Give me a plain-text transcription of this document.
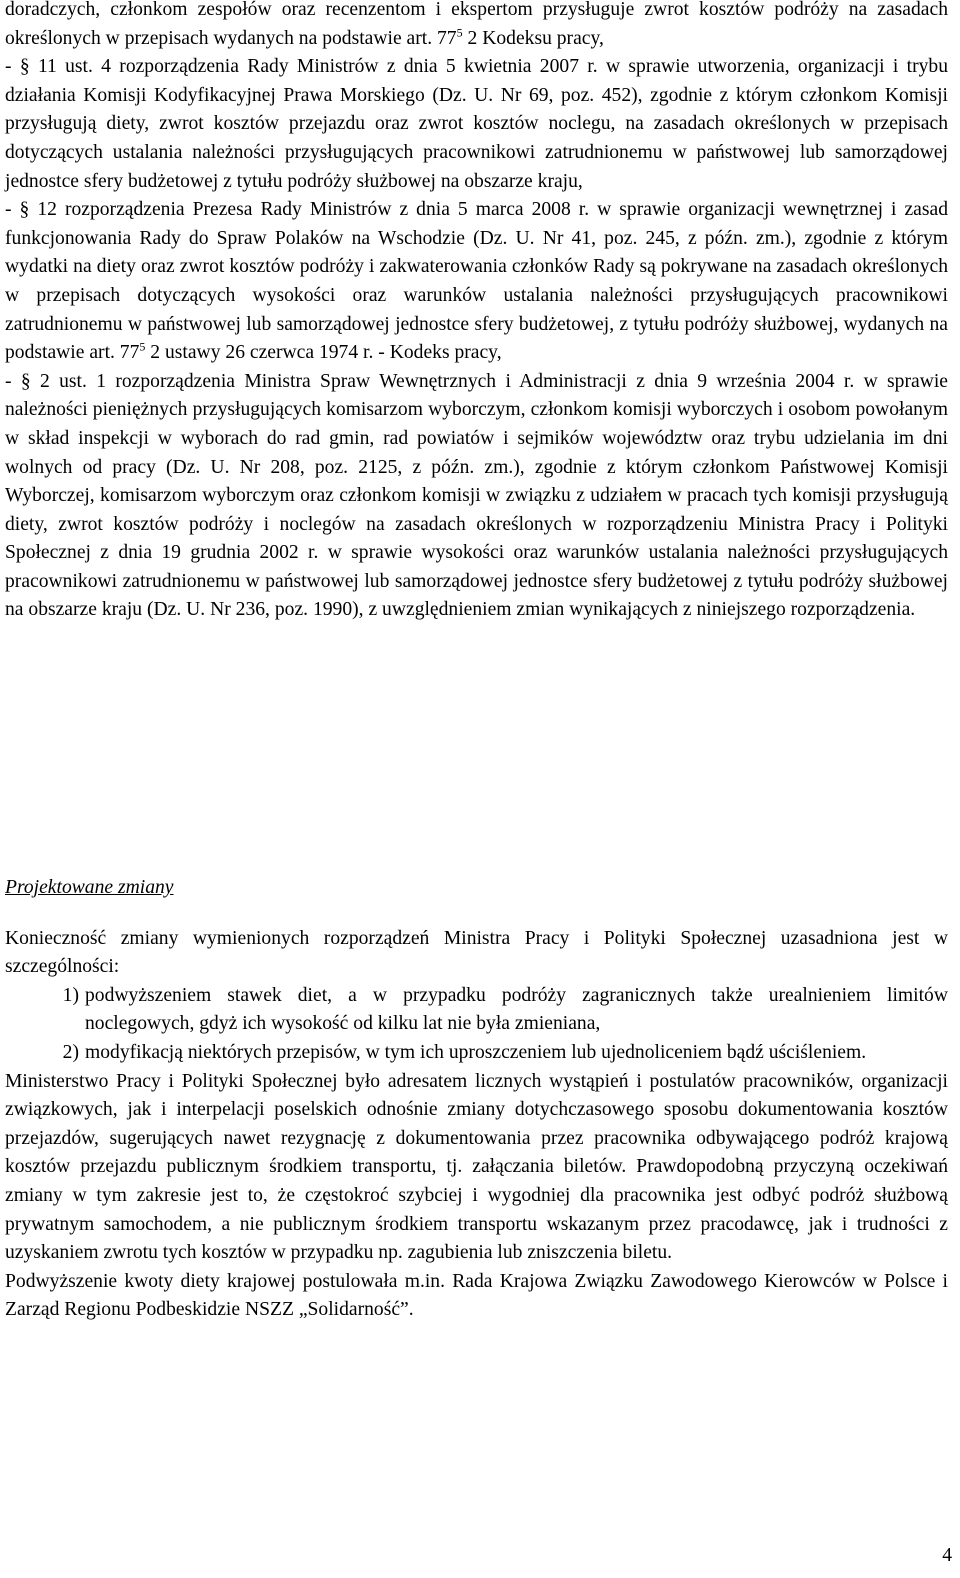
doradczych, członkom zespołów oraz recenzentom i ekspertom przysługuje zwrot kosztów podróży na zasadach określonych w przepisach wydanych na podstawie art. $77^5$ 2 Kodeksu pracy,

- § 11 ust. 4 rozporządzenia Rady Ministrów z dnia 5 kwietnia 2007 r. w sprawie utworzenia, organizacji i trybu działania Komisji Kodyfikacyjnej Prawa Morskiego (Dz. U. Nr 69, poz. 452), zgodnie z którym członkom Komisji przysługują diety, zwrot kosztów przejazdu oraz zwrot kosztów noclegu, na zasadach określonych w przepisach dotyczących ustalania należności przysługujących pracownikowi zatrudnionemu w państwowej lub samorządowej jednostce sfery budżetowej z tytułu podróży służbowej na obszarze kraju,

- § 12 rozporządzenia Prezesa Rady Ministrów z dnia 5 marca 2008 r. w sprawie organizacji wewnętrznej i zasad funkcjonowania Rady do Spraw Polaków na Wschodzie (Dz. U. Nr 41, poz. 245, z późn. zm.), zgodnie z którym wydatki na diety oraz zwrot kosztów podróży i zakwaterowania członków Rady są pokrywane na zasadach określonych w przepisach dotyczących wysokości oraz warunków ustalania należności przysługujących pracownikowi zatrudnionemu w państwowej lub samorządowej jednostce sfery budżetowej, z tytułu podróży służbowej, wydanych na podstawie art. $77^5$ 2 ustawy 26 czerwca 1974 r. - Kodeks pracy,

- § 2 ust. 1 rozporządzenia Ministra Spraw Wewnętrznych i Administracji z dnia 9 września 2004 r. w sprawie należności pieniężnych przysługujących komisarzom wyborczym, członkom komisji wyborczych i osobom powołanym w skład inspekcji w wyborach do rad gmin, rad powiatów i sejmików województw oraz trybu udzielania im dni wolnych od pracy (Dz. U. Nr 208, poz. 2125, z późn. zm.), zgodnie z którym członkom Państwowej Komisji Wyborczej, komisarzom wyborczym oraz członkom komisji w związku z udziałem w pracach tych komisji przysługują diety, zwrot kosztów podróży i noclegów na zasadach określonych w rozporządzeniu Ministra Pracy i Polityki Społecznej z dnia 19 grudnia 2002 r. w sprawie wysokości oraz warunków ustalania należności przysługujących pracownikowi zatrudnionemu w państwowej lub samorządowej jednostce sfery budżetowej z tytułu podróży służbowej na obszarze kraju (Dz. U. Nr 236, poz. 1990), z uwzględnieniem zmian wynikających z niniejszego rozporządzenia.

Projektowane zmiany

Konieczność zmiany wymienionych rozporządzeń Ministra Pracy i Polityki Społecznej uzasadniona jest w szczególności:

1) podwyższeniem stawek diet, a w przypadku podróży zagranicznych także urealnieniem limitów noclegowych, gdyż ich wysokość od kilku lat nie była zmieniana,
2) modyfikacją niektórych przepisów, w tym ich uproszczeniem lub ujednoliceniem bądź uściśleniem.

Ministerstwo Pracy i Polityki Społecznej było adresatem licznych wystąpień i postulatów pracowników, organizacji związkowych, jak i interpelacji poselskich odnośnie zmiany dotychczasowego sposobu dokumentowania kosztów przejazdów, sugerujących nawet rezygnację z dokumentowania przez pracownika odbywającego podróż krajową kosztów przejazdu publicznym środkiem transportu, tj. załączania biletów. Prawdopodobną przyczyną oczekiwań zmiany w tym zakresie jest to, że częstokroć szybciej i wygodniej dla pracownika jest odbyć podróż służbową prywatnym samochodem, a nie publicznym środkiem transportu wskazanym przez pracodawcę, jak i trudności z uzyskaniem zwrotu tych kosztów w przypadku np. zagubienia lub zniszczenia biletu.

Podwyższenie kwoty diety krajowej postulowała m.in. Rada Krajowa Związku Zawodowego Kierowców w Polsce i Zarząd Regionu Podbeskidzie NSZZ „Solidarność”.

4
